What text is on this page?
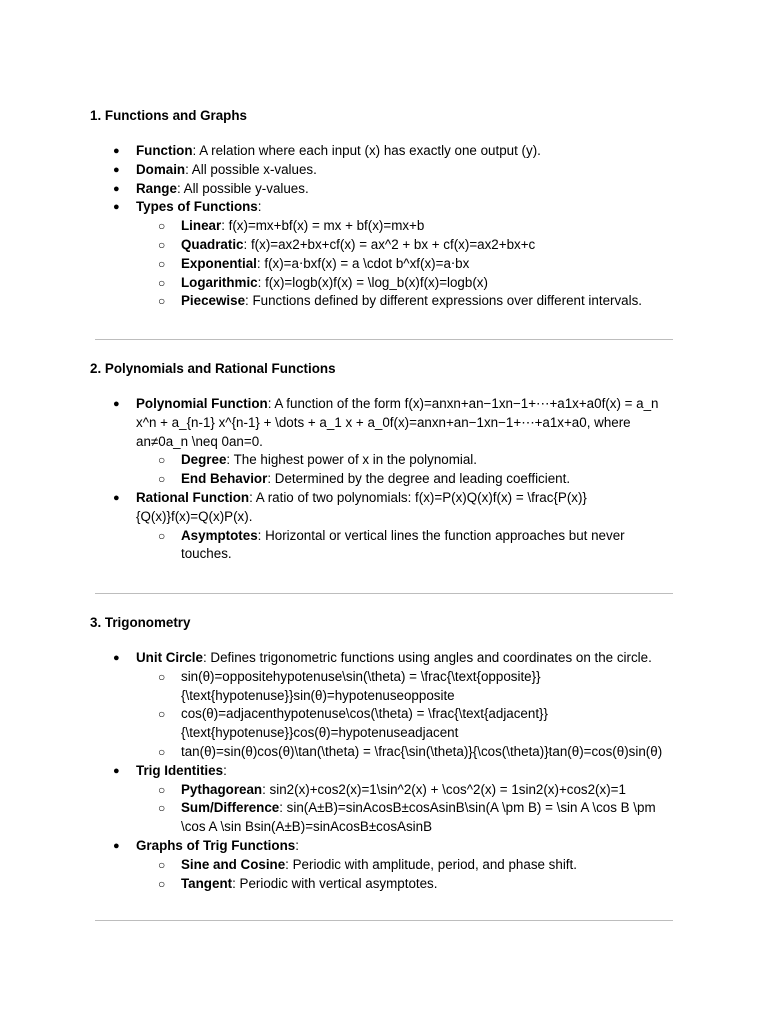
1. Functions and Graphs
● Function: A relation where each input (x) has exactly one output (y).
● Domain: All possible x-values.
● Range: All possible y-values.
● Types of Functions:
○ Linear: f(x)=mx+bf(x) = mx + bf(x)=mx+b
○ Quadratic: f(x)=ax2+bx+cf(x) = ax^2 + bx + cf(x)=ax2+bx+c
○ Exponential: f(x)=a⋅bxf(x) = a \cdot b^xf(x)=a⋅bx
○ Logarithmic: f(x)=logb(x)f(x) = \log_b(x)f(x)=logb(x)
○ Piecewise: Functions defined by different expressions over different intervals.
2. Polynomials and Rational Functions
● Polynomial Function: A function of the form f(x)=anxn+an−1xn−1+⋯+a1x+a0f(x) = a_n x^n + a_{n-1} x^{n-1} + \dots + a_1 x + a_0f(x)=anxn+an−1xn−1+⋯+a1x+a0, where an≠0a_n \neq 0an=0.
○ Degree: The highest power of x in the polynomial.
○ End Behavior: Determined by the degree and leading coefficient.
● Rational Function: A ratio of two polynomials: f(x)=P(x)Q(x)f(x) = \frac{P(x)}{Q(x)}f(x)=Q(x)P(x).
○ Asymptotes: Horizontal or vertical lines the function approaches but never touches.
3. Trigonometry
● Unit Circle: Defines trigonometric functions using angles and coordinates on the circle.
○ sin(θ)=oppositehypotenuse\sin(\theta) = \frac{\text{opposite}}{\text{hypotenuse}}sin(θ)=hypotenuseopposite
○ cos(θ)=adjacenthypotenuse\cos(\theta) = \frac{\text{adjacent}}{\text{hypotenuse}}cos(θ)=hypotenuseadjacent
○ tan(θ)=sin(θ)cos(θ)\tan(\theta) = \frac{\sin(\theta)}{\cos(\theta)}tan(θ)=cos(θ)sin(θ)
● Trig Identities:
○ Pythagorean: sin2(x)+cos2(x)=1\sin^2(x) + \cos^2(x) = 1sin2(x)+cos2(x)=1
○ Sum/Difference: sin(A±B)=sinAcosB±cosAsinB\sin(A \pm B) = \sin A \cos B \pm \cos A \sin Bsin(A±B)=sinAcosB±cosAsinB
● Graphs of Trig Functions:
○ Sine and Cosine: Periodic with amplitude, period, and phase shift.
○ Tangent: Periodic with vertical asymptotes.
